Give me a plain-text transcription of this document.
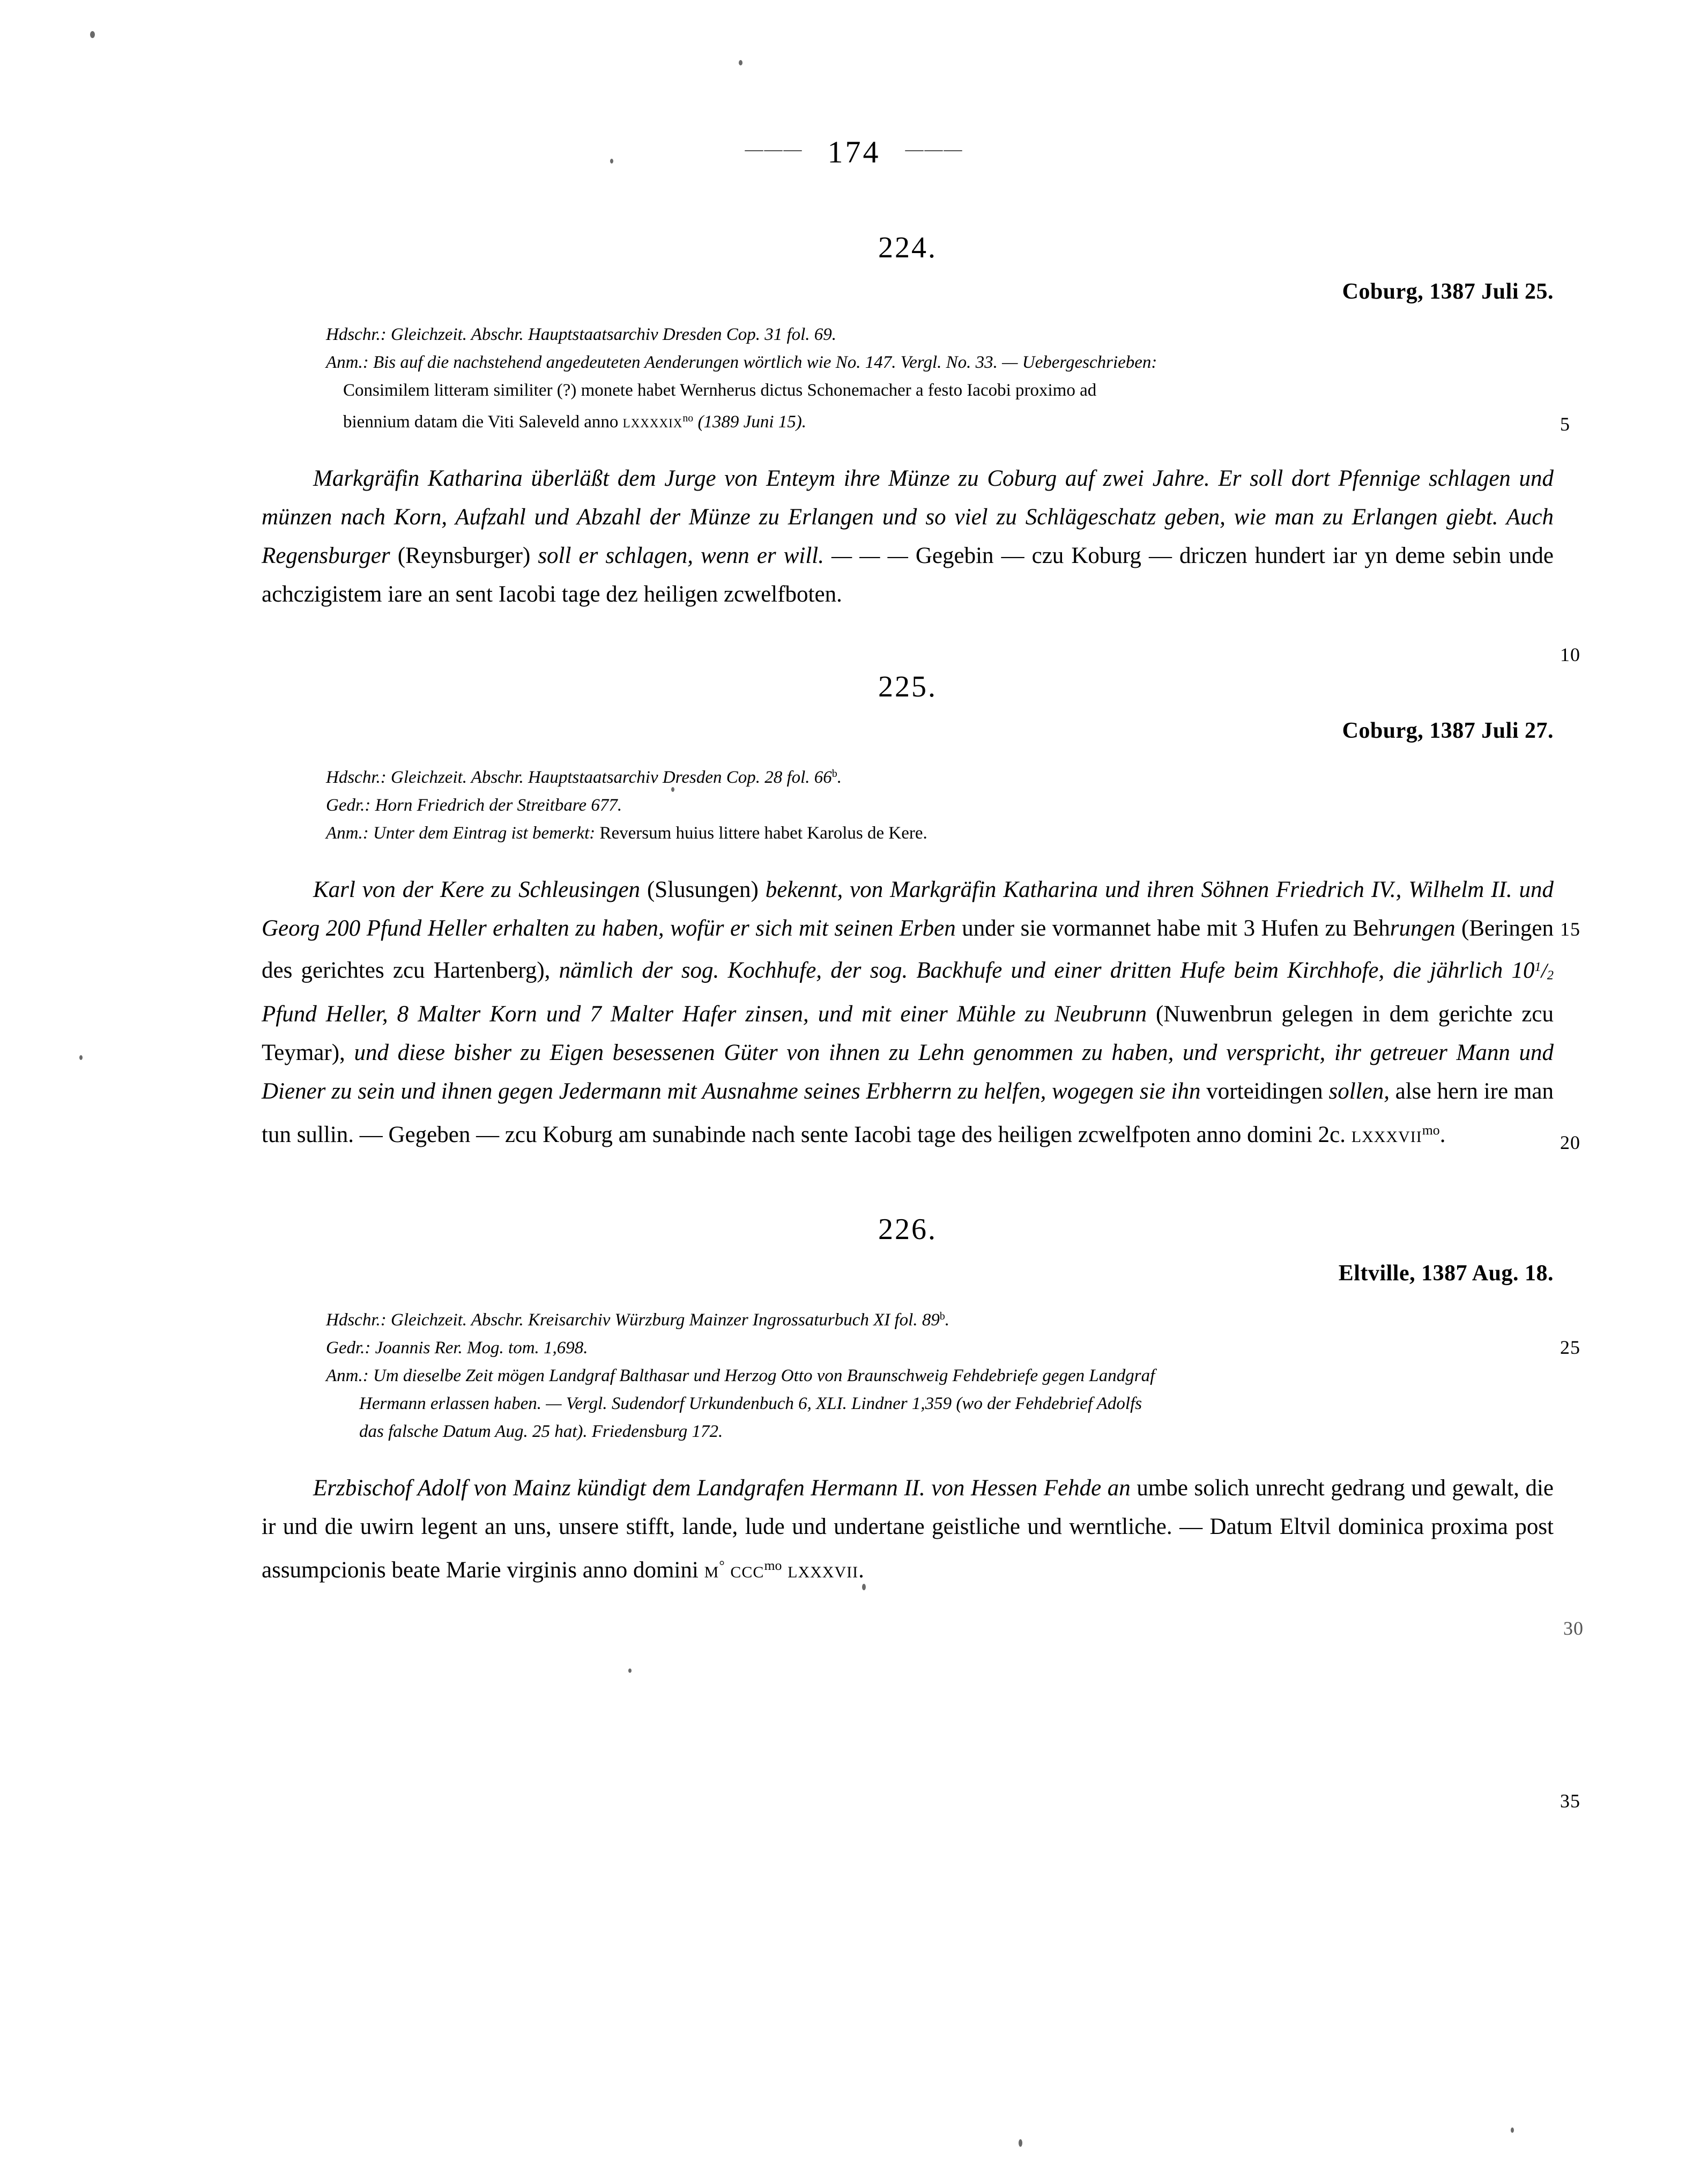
——— 174 ———
224.
Coburg, 1387 Juli 25.
Hdschr.: Gleichzeit. Abschr. Hauptstaatsarchiv Dresden Cop. 31 fol. 69.
Anm.: Bis auf die nachstehend angedeuteten Aenderungen wörtlich wie No. 147. Vergl. No. 33. — Uebergeschrieben:
Consimilem litteram similiter (?) monete habet Wernherus dictus Schonemacher a festo Iacobi proximo ad
biennium datam die Viti Saleveld anno lxxxxix$^{no}$ (1389 Juni 15).
Markgräfin Katharina überläßt dem Jurge von Enteym ihre Münze zu Coburg auf zwei Jahre. Er soll dort Pfennige schlagen und münzen nach Korn, Aufzahl und Abzahl der Münze zu Erlangen und so viel zu Schlägeschatz geben, wie man zu Erlangen giebt. Auch Regensburger (Reynsburger) soll er schlagen, wenn er will. — — — Gegebin — czu Koburg — driczen hundert iar yn deme sebin unde achczigistem iare an sent Iacobi tage dez heiligen zcwelfboten.
225.
Coburg, 1387 Juli 27.
Hdschr.: Gleichzeit. Abschr. Hauptstaatsarchiv Dresden Cop. 28 fol. 66$^b$.
Gedr.: Horn Friedrich der Streitbare 677.
Anm.: Unter dem Eintrag ist bemerkt: Reversum huius littere habet Karolus de Kere.
Karl von der Kere zu Schleusingen (Slusungen) bekennt, von Markgräfin Katharina und ihren Söhnen Friedrich IV., Wilhelm II. und Georg 200 Pfund Heller erhalten zu haben, wofür er sich mit seinen Erben under sie vormannet habe mit 3 Hufen zu Behrungen (Beringen des gerichtes zcu Hartenberg), nämlich der sog. Kochhufe, der sog. Backhufe und einer dritten Hufe beim Kirchhofe, die jährlich $10^1/_2$ Pfund Heller, 8 Malter Korn und 7 Malter Hafer zinsen, und mit einer Mühle zu Neubrunn (Nuwenbrun gelegen in dem gerichte zcu Teymar), und diese bisher zu Eigen besessenen Güter von ihnen zu Lehn genommen zu haben, und verspricht, ihr getreuer Mann und Diener zu sein und ihnen gegen Jedermann mit Ausnahme seines Erbherrn zu helfen, wogegen sie ihn vorteidingen sollen, alse hern ire man tun sullin. — Gegeben — zcu Koburg am sunabinde nach sente Iacobi tage des heiligen zcwelfpoten anno domini 2c. lxxxvii$^{mo}$.
226.
Eltville, 1387 Aug. 18.
Hdschr.: Gleichzeit. Abschr. Kreisarchiv Würzburg Mainzer Ingrossaturbuch XI fol. 89$^b$.
Gedr.: Joannis Rer. Mog. tom. 1,698.
Anm.: Um dieselbe Zeit mögen Landgraf Balthasar und Herzog Otto von Braunschweig Fehdebriefe gegen Landgraf
Hermann erlassen haben. — Vergl. Sudendorf Urkundenbuch 6, XLI. Lindner 1,359 (wo der Fehdebrief Adolfs
das falsche Datum Aug. 25 hat). Friedensburg 172.
Erzbischof Adolf von Mainz kündigt dem Landgrafen Hermann II. von Hessen Fehde an umbe solich unrecht gedrang und gewalt, die ir und die uwirn legent an uns, unsere stifft, lande, lude und undertane geistliche und werntliche. — Datum Eltvil dominica proxima post assumpcionis beate Marie virginis anno domini m° ccc$^{mo}$ lxxxvii.
5
10
15
20
25
30
35
